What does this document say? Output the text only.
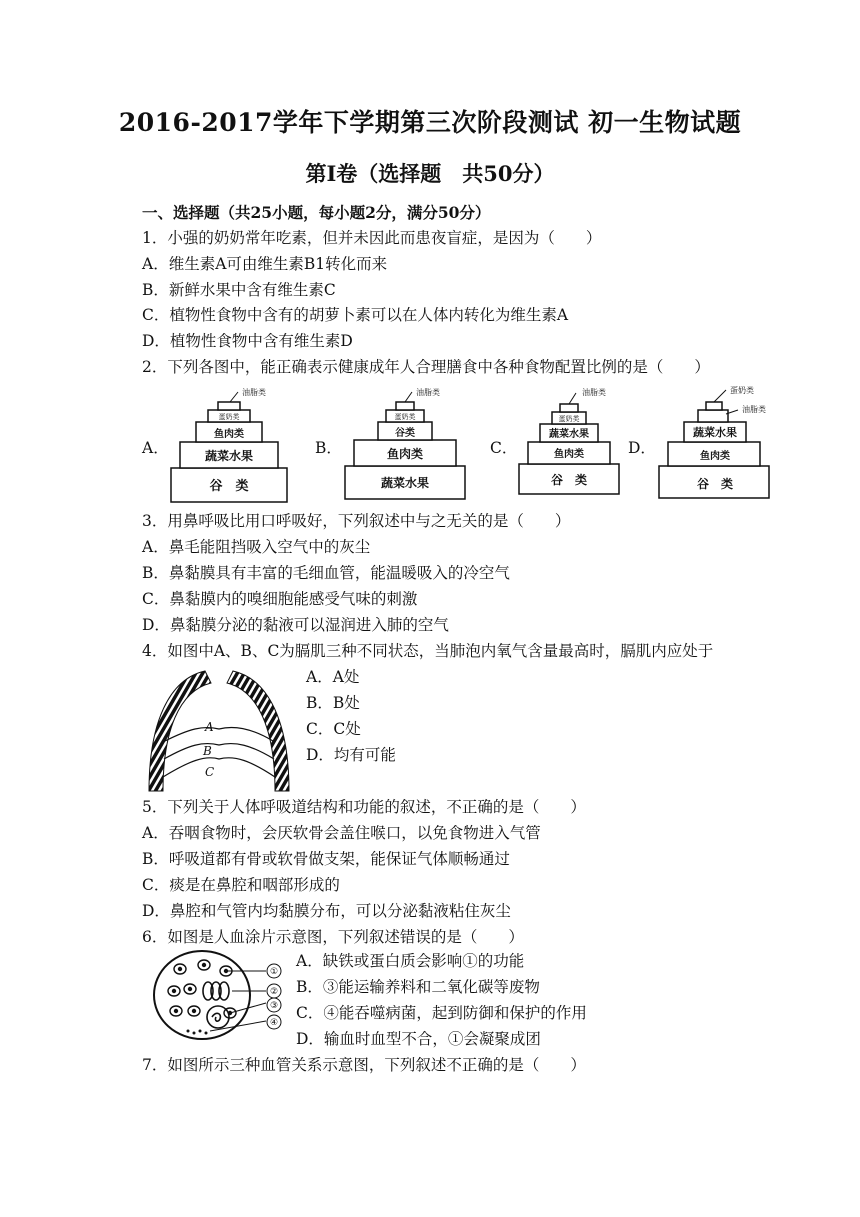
2016-2017学年下学期第三次阶段测试 初一生物试题
第Ⅰ卷（选择题　共50分）
一、选择题（共25小题，每小题2分，满分50分）
1．小强的奶奶常年吃素，但并未因此而患夜盲症，是因为（　　）
A．维生素A可由维生素B1转化而来
B．新鲜水果中含有维生素C
C．植物性食物中含有的胡萝卜素可以在人体内转化为维生素A
D．植物性食物中含有维生素D
2．下列各图中，能正确表示健康成年人合理膳食中各种食物配置比例的是（　　）
A．	B．	C．	D．
油脂类
蛋奶类
鱼肉类
蔬菜水果
谷　类
油脂类
蛋奶类
谷类
鱼肉类
蔬菜水果
油脂类
蛋奶类
蔬菜水果
鱼肉类
谷　类
蛋奶类
油脂类
蔬菜水果
鱼肉类
谷　类
3．用鼻呼吸比用口呼吸好，下列叙述中与之无关的是（　　）
A．鼻毛能阻挡吸入空气中的灰尘
B．鼻黏膜具有丰富的毛细血管，能温暖吸入的冷空气
C．鼻黏膜内的嗅细胞能感受气味的刺激
D．鼻黏膜分泌的黏液可以湿润进入肺的空气
4．如图中A、B、C为膈肌三种不同状态，当肺泡内氧气含量最高时，膈肌内应处于
A
B
C
A．A处
B．B处
C．C处
D．均有可能
5．下列关于人体呼吸道结构和功能的叙述，不正确的是（　　）
A．吞咽食物时，会厌软骨会盖住喉口，以免食物进入气管
B．呼吸道都有骨或软骨做支架，能保证气体顺畅通过
C．痰是在鼻腔和咽部形成的
D．鼻腔和气管内均黏膜分布，可以分泌黏液粘住灰尘
6．如图是人血涂片示意图，下列叙述错误的是（　　）
①
②
③
④
A．缺铁或蛋白质会影响①的功能
B．③能运输养料和二氧化碳等废物
C．④能吞噬病菌，起到防御和保护的作用
D．输血时血型不合，①会凝聚成团
7．如图所示三种血管关系示意图，下列叙述不正确的是（　　）
